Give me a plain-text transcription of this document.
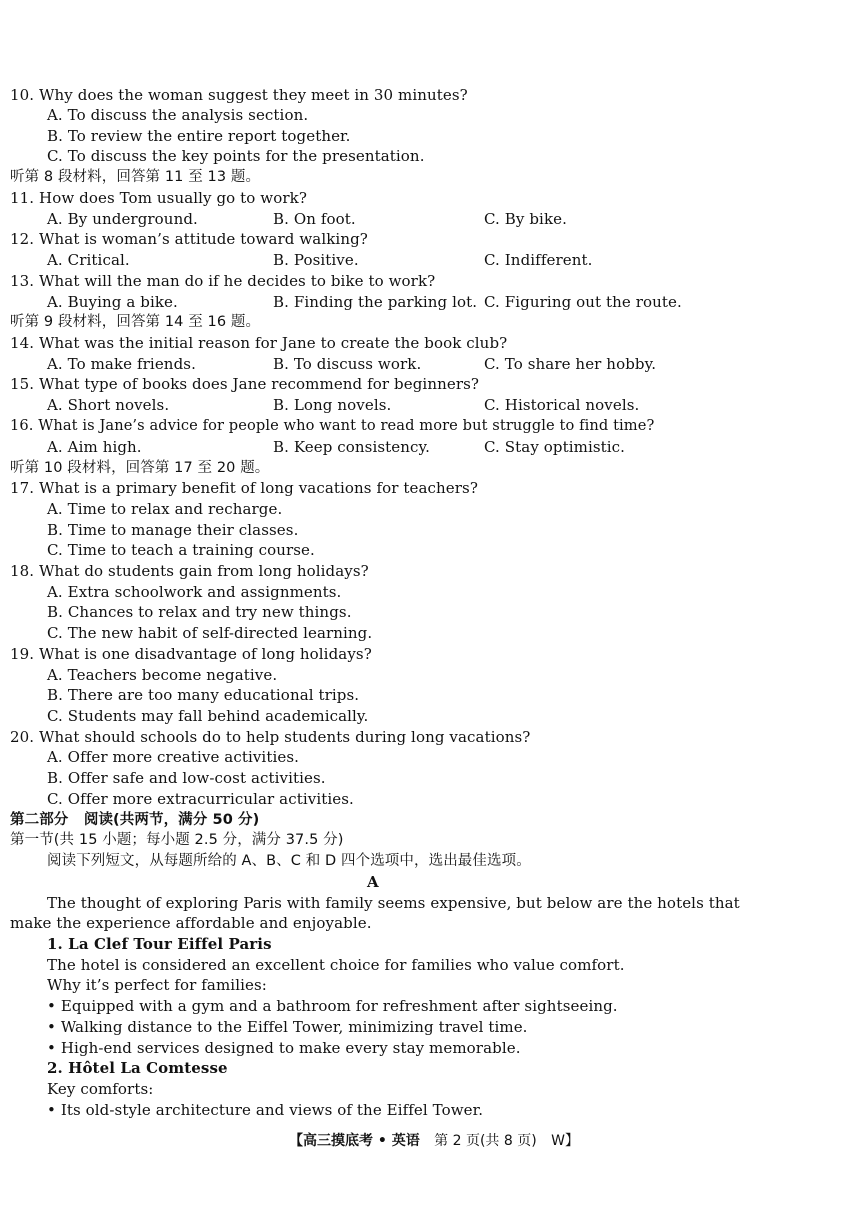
10. Why does the woman suggest they meet in 30 minutes?
A. To discuss the analysis section.
B. To review the entire report together.
C. To discuss the key points for the presentation.
听第 8 段材料，回答第 11 至 13 题。
11. How does Tom usually go to work?
A. By underground.	B. On foot.	C. By bike.
12. What is woman’s attitude toward walking?
A. Critical.	B. Positive.	C. Indifferent.
13. What will the man do if he decides to bike to work?
A. Buying a bike.	B. Finding the parking lot. C. Figuring out the route.
听第 9 段材料，回答第 14 至 16 题。
14. What was the initial reason for Jane to create the book club?
A. To make friends.	B. To discuss work.	C. To share her hobby.
15. What type of books does Jane recommend for beginners?
A. Short novels.	B. Long novels.	C. Historical novels.
16. What is Jane’s advice for people who want to read more but struggle to find time?
A. Aim high.	B. Keep consistency.	C. Stay optimistic.
听第 10 段材料，回答第 17 至 20 题。
17. What is a primary benefit of long vacations for teachers?
A. Time to relax and recharge.
B. Time to manage their classes.
C. Time to teach a training course.
18. What do students gain from long holidays?
A. Extra schoolwork and assignments.
B. Chances to relax and try new things.
C. The new habit of self-directed learning.
19. What is one disadvantage of long holidays?
A. Teachers become negative.
B. There are too many educational trips.
C. Students may fall behind academically.
20. What should schools do to help students during long vacations?
A. Offer more creative activities.
B. Offer safe and low-cost activities.
C. Offer more extracurricular activities.
第二部分   阅读(共两节，满分 50 分)
第一节(共 15 小题；每小题 2.5 分，满分 37.5 分)
阅读下列短文，从每题所给的 A、B、C 和 D 四个选项中，选出最佳选项。
A
The thought of exploring Paris with family seems expensive, but below are the hotels that
make the experience affordable and enjoyable.
1. La Clef Tour Eiffel Paris
The hotel is considered an excellent choice for families who value comfort.
Why it’s perfect for families:
• Equipped with a gym and a bathroom for refreshment after sightseeing.
• Walking distance to the Eiffel Tower, minimizing travel time.
• High-end services designed to make every stay memorable.
2. Hôtel La Comtesse
Key comforts:
• Its old-style architecture and views of the Eiffel Tower.
【高三摸底考 • 英语 第 2 页(共 8 页) W】
